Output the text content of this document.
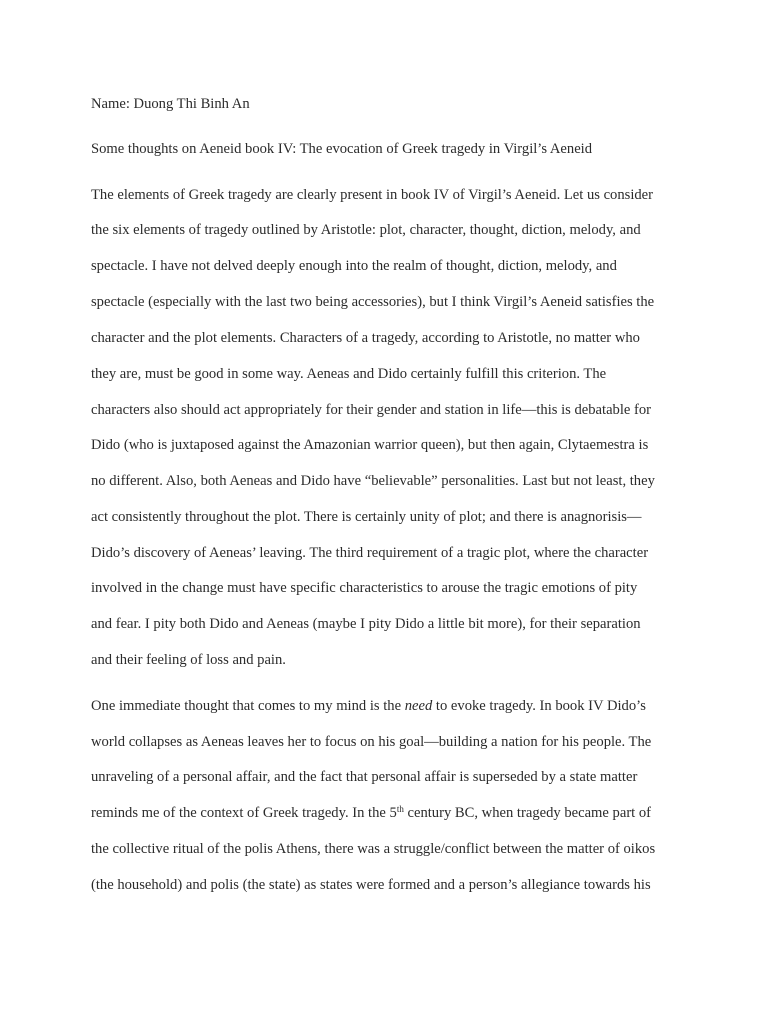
Name: Duong Thi Binh An
Some thoughts on Aeneid book IV: The evocation of Greek tragedy in Virgil’s Aeneid
The elements of Greek tragedy are clearly present in book IV of Virgil’s Aeneid. Let us consider
the six elements of tragedy outlined by Aristotle: plot, character, thought, diction, melody, and
spectacle. I have not delved deeply enough into the realm of thought, diction, melody, and
spectacle (especially with the last two being accessories), but I think Virgil’s Aeneid satisfies the
character and the plot elements. Characters of a tragedy, according to Aristotle, no matter who
they are, must be good in some way. Aeneas and Dido certainly fulfill this criterion. The
characters also should act appropriately for their gender and station in life—this is debatable for
Dido (who is juxtaposed against the Amazonian warrior queen), but then again, Clytaemestra is
no different. Also, both Aeneas and Dido have “believable” personalities. Last but not least, they
act consistently throughout the plot. There is certainly unity of plot; and there is anagnorisis—
Dido’s discovery of Aeneas’ leaving. The third requirement of a tragic plot, where the character
involved in the change must have specific characteristics to arouse the tragic emotions of pity
and fear. I pity both Dido and Aeneas (maybe I pity Dido a little bit more), for their separation
and their feeling of loss and pain.
One immediate thought that comes to my mind is the need to evoke tragedy. In book IV Dido’s
world collapses as Aeneas leaves her to focus on his goal—building a nation for his people. The
unraveling of a personal affair, and the fact that personal affair is superseded by a state matter
reminds me of the context of Greek tragedy. In the 5th century BC, when tragedy became part of
the collective ritual of the polis Athens, there was a struggle/conflict between the matter of oikos
(the household) and polis (the state) as states were formed and a person’s allegiance towards his
